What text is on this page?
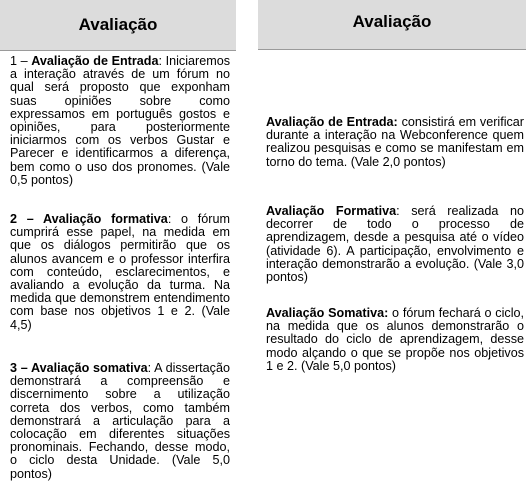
Avaliação
1 – Avaliação de Entrada: Iniciaremos a interação através de um fórum no qual será proposto que exponham suas opiniões sobre como expressamos em português gostos e opiniões, para posteriormente iniciarmos com os verbos Gustar e Parecer e identificarmos a diferença, bem como o uso dos pronomes. (Vale 0,5 pontos)
2 – Avaliação formativa: o fórum cumprirá esse papel, na medida em que os diálogos permitirão que os alunos avancem e o professor interfira com conteúdo, esclarecimentos, e avaliando a evolução da turma. Na medida que demonstrem entendimento com base nos objetivos 1 e 2. (Vale 4,5)
3 – Avaliação somativa: A dissertação demonstrará a compreensão e discernimento sobre a utilização correta dos verbos, como também demonstrará a articulação para a colocação em diferentes situações pronominais. Fechando, desse modo, o ciclo desta Unidade. (Vale 5,0 pontos)
Avaliação
Avaliação de Entrada: consistirá em verificar durante a interação na Webconference quem realizou pesquisas e como se manifestam em torno do tema. (Vale 2,0 pontos)
Avaliação Formativa: será realizada no decorrer de todo o processo de aprendizagem, desde a pesquisa até o vídeo (atividade 6). A participação, envolvimento e interação demonstrarão a evolução. (Vale 3,0 pontos)
Avaliação Somativa: o fórum fechará o ciclo, na medida que os alunos demonstrarão o resultado do ciclo de aprendizagem, desse modo alçando o que se propõe nos objetivos 1 e 2. (Vale 5,0 pontos)
